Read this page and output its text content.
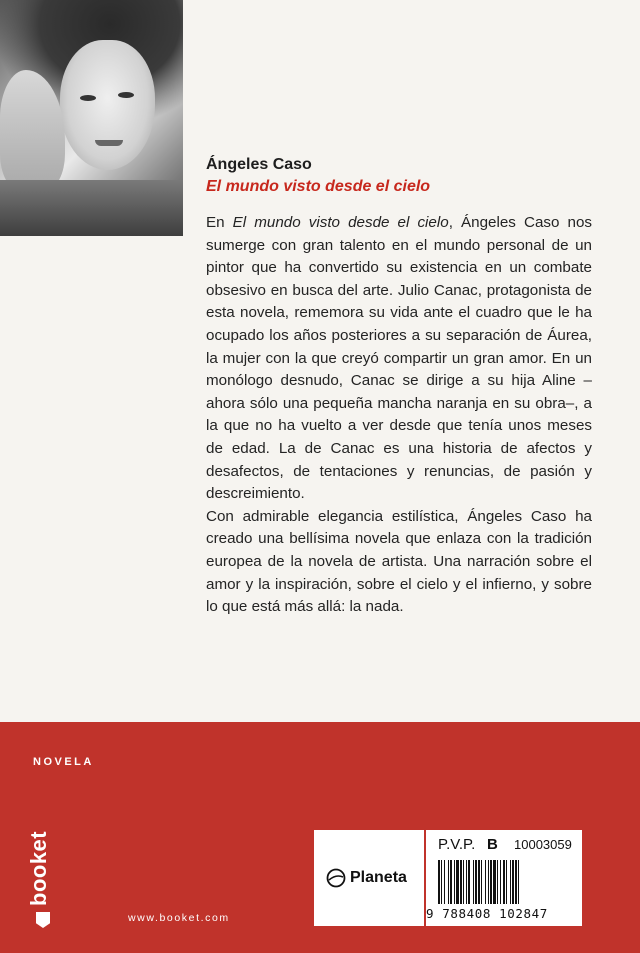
Ángeles Caso
El mundo visto desde el cielo

En El mundo visto desde el cielo, Ángeles Caso nos sumerge con gran talento en el mundo personal de un pintor que ha convertido su existencia en un combate obsesivo en busca del arte. Julio Canac, protagonista de esta novela, rememora su vida ante el cuadro que le ha ocupado los años posteriores a su separación de Áurea, la mujer con la que creyó compartir un gran amor. En un monólogo desnudo, Canac se dirige a su hija Aline –ahora sólo una pequeña mancha naranja en su obra–, a la que no ha vuelto a ver desde que tenía unos meses de edad. La de Canac es una historia de afectos y desafectos, de tentaciones y renuncias, de pasión y descreimiento.

Con admirable elegancia estilística, Ángeles Caso ha creado una bellísima novela que enlaza con la tradición europea de la novela de artista. Una narración sobre el amor y la inspiración, sobre el cielo y el infierno, y sobre lo que está más allá: la nada.

NOVELA
booket
www.booket.com
Planeta
P.V.P. B 10003059
9 788408 102847
